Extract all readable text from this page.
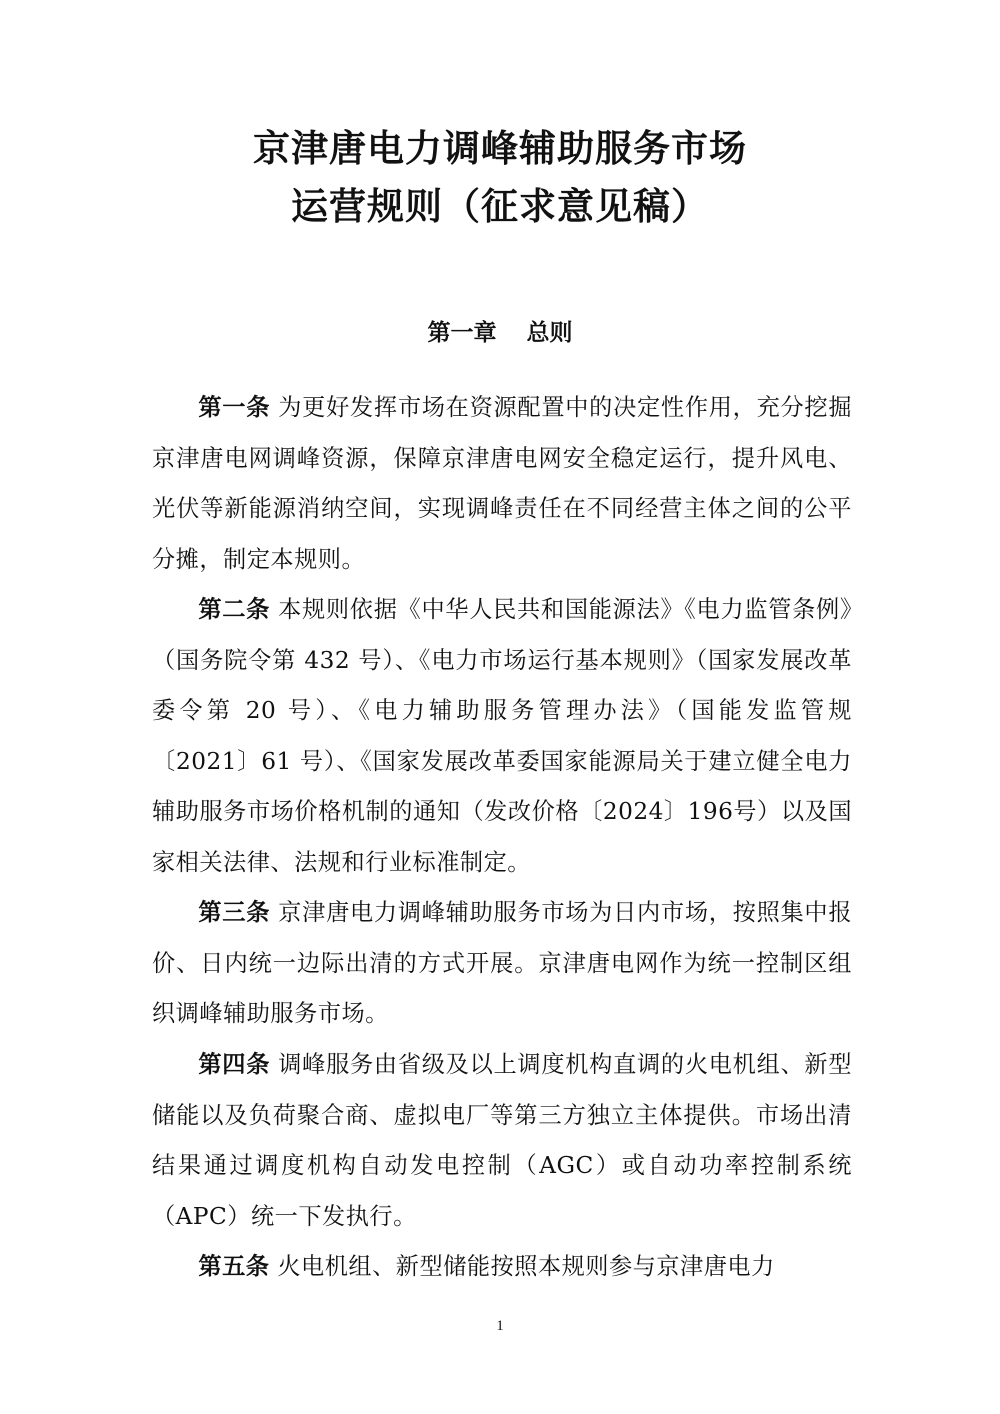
京津唐电力调峰辅助服务市场
运营规则（征求意见稿）
第一章 总则

第一条 为更好发挥市场在资源配置中的决定性作用，充分挖掘京津唐电网调峰资源，保障京津唐电网安全稳定运行，提升风电、光伏等新能源消纳空间，实现调峰责任在不同经营主体之间的公平分摊，制定本规则。

第二条 本规则依据《中华人民共和国能源法》《电力监管条例》（国务院令第 432 号）、《电力市场运行基本规则》（国家发展改革委令第 20 号）、《电力辅助服务管理办法》（国能发监管规〔2021〕61 号）、《国家发展改革委国家能源局关于建立健全电力辅助服务市场价格机制的通知（发改价格〔2024〕196号）以及国家相关法律、法规和行业标准制定。

第三条 京津唐电力调峰辅助服务市场为日内市场，按照集中报价、日内统一边际出清的方式开展。京津唐电网作为统一控制区组织调峰辅助服务市场。

第四条 调峰服务由省级及以上调度机构直调的火电机组、新型储能以及负荷聚合商、虚拟电厂等第三方独立主体提供。市场出清结果通过调度机构自动发电控制（AGC）或自动功率控制系统（APC）统一下发执行。

第五条 火电机组、新型储能按照本规则参与京津唐电力

1
